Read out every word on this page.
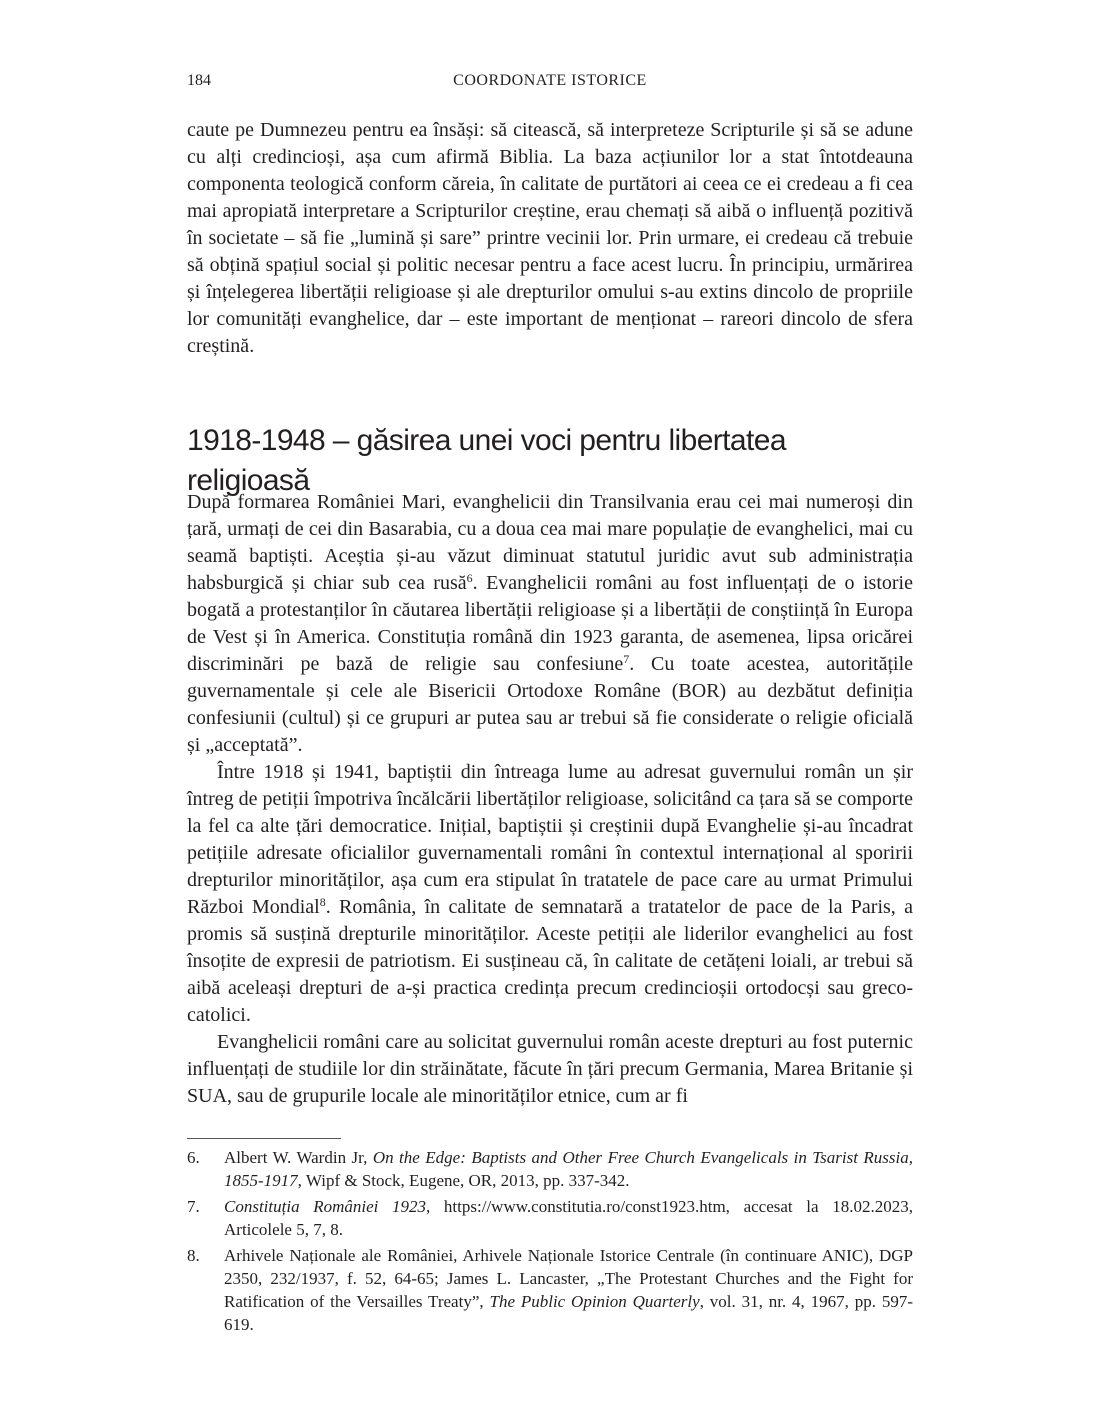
184	COORDONATE ISTORICE

caute pe Dumnezeu pentru ea însăși: să citească, să interpreteze Scripturile și să se adune cu alți credincioși, așa cum afirmă Biblia. La baza acțiunilor lor a stat întotdeauna componenta teologică conform căreia, în calitate de purtători ai ceea ce ei credeau a fi cea mai apropiată interpretare a Scripturilor creștine, erau chemați să aibă o influență pozitivă în societate – să fie „lumină și sare” printre vecinii lor. Prin urmare, ei credeau că trebuie să obțină spațiul social și politic necesar pentru a face acest lucru. În principiu, urmărirea și înțelegerea libertății religioase și ale drepturilor omului s-au extins dincolo de propriile lor comunități evanghelice, dar – este important de menționat – rareori dincolo de sfera creștină.

1918-1948 – găsirea unei voci pentru libertatea religioasă

După formarea României Mari, evanghelicii din Transilvania erau cei mai numeroși din țară, urmați de cei din Basarabia, cu a doua cea mai mare populație de evanghelici, mai cu seamă baptiști. Aceștia și-au văzut diminuat statutul juridic avut sub administrația habsburgică și chiar sub cea rusă$^6$. Evanghelicii români au fost influențați de o istorie bogată a protestanților în căutarea libertății religioase și a libertății de conștiință în Europa de Vest și în America. Constituția română din 1923 garanta, de asemenea, lipsa oricărei discriminări pe bază de religie sau confesiune$^7$. Cu toate acestea, autoritățile guvernamentale și cele ale Bisericii Ortodoxe Române (BOR) au dezbătut definiția confesiunii (cultul) și ce grupuri ar putea sau ar trebui să fie considerate o religie oficială și „acceptată”.

Între 1918 și 1941, baptiștii din întreaga lume au adresat guvernului român un șir întreg de petiții împotriva încălcării libertăților religioase, solicitând ca țara să se comporte la fel ca alte țări democratice. Inițial, baptiștii și creștinii după Evanghelie și-au încadrat petițiile adresate oficialilor guvernamentali români în contextul internațional al sporirii drepturilor minorităților, așa cum era stipulat în tratatele de pace care au urmat Primului Război Mondial$^8$. România, în calitate de semnatară a tratatelor de pace de la Paris, a promis să susțină drepturile minorităților. Aceste petiții ale liderilor evanghelici au fost însoțite de expresii de patriotism. Ei susțineau că, în calitate de cetățeni loiali, ar trebui să aibă aceleași drepturi de a-și practica credința precum credincioșii ortodocși sau greco-catolici.

Evanghelicii români care au solicitat guvernului român aceste drepturi au fost puternic influențați de studiile lor din străinătate, făcute în țări precum Germania, Marea Britanie și SUA, sau de grupurile locale ale minorităților etnice, cum ar fi

6.	Albert W. Wardin Jr, On the Edge: Baptists and Other Free Church Evangelicals in Tsarist Russia, 1855-1917, Wipf & Stock, Eugene, OR, 2013, pp. 337-342.
7.	Constituția României 1923, https://www.constitutia.ro/const1923.htm, accesat la 18.02.2023, Articolele 5, 7, 8.
8.	Arhivele Naționale ale României, Arhivele Naționale Istorice Centrale (în continuare ANIC), DGP 2350, 232/1937, f. 52, 64-65; James L. Lancaster, „The Protestant Churches and the Fight for Ratification of the Versailles Treaty”, The Public Opinion Quarterly, vol. 31, nr. 4, 1967, pp. 597-619.
